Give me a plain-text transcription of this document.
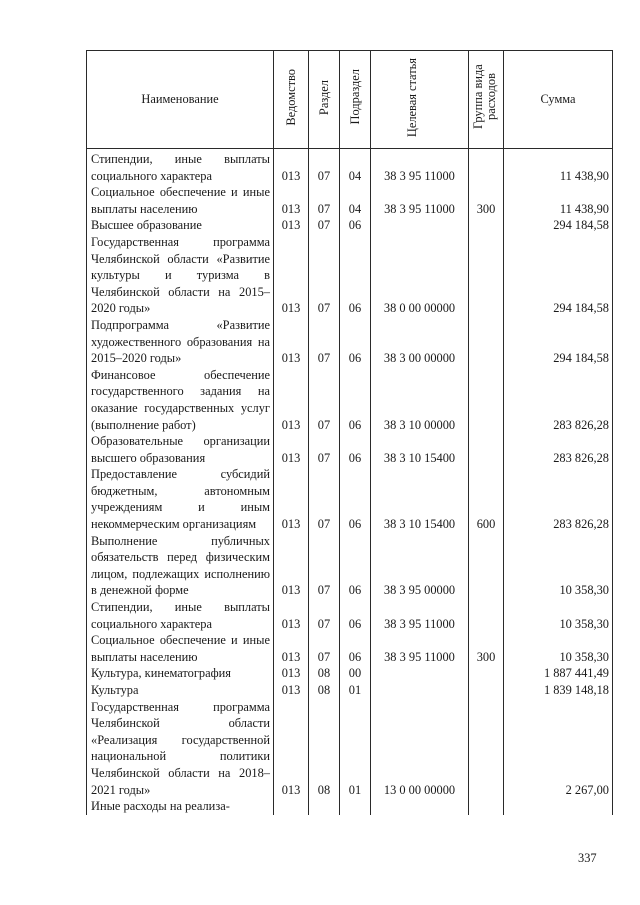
Наименование	Ведомство	Раздел	Подраздел	Целевая статья	Группа вида расходов	Сумма
Стипендии, иные выплаты социального характера	013	07	04	38 3 95 11000		11 438,90
Социальное обеспечение и иные выплаты населению	013	07	04	38 3 95 11000	300	11 438,90
Высшее образование	013	07	06			294 184,58
Государственная программа Челябинской области «Развитие культуры и туризма в Челябинской области на 2015–2020 годы»	013	07	06	38 0 00 00000		294 184,58
Подпрограмма «Развитие художественного образования на 2015–2020 годы»	013	07	06	38 3 00 00000		294 184,58
Финансовое обеспечение государственного задания на оказание государственных услуг (выполнение работ)	013	07	06	38 3 10 00000		283 826,28
Образовательные организации высшего образования	013	07	06	38 3 10 15400		283 826,28
Предоставление субсидий бюджетным, автономным учреждениям и иным некоммерческим организациям	013	07	06	38 3 10 15400	600	283 826,28
Выполнение публичных обязательств перед физическим лицом, подлежащих исполнению в денежной форме	013	07	06	38 3 95 00000		10 358,30
Стипендии, иные выплаты социального характера	013	07	06	38 3 95 11000		10 358,30
Социальное обеспечение и иные выплаты населению	013	07	06	38 3 95 11000	300	10 358,30
Культура, кинематография	013	08	00			1 887 441,49
Культура	013	08	01			1 839 148,18
Государственная программа Челябинской области «Реализация государственной национальной политики Челябинской области на 2018–2021 годы»	013	08	01	13 0 00 00000		2 267,00
Иные расходы на реализа-						
337
